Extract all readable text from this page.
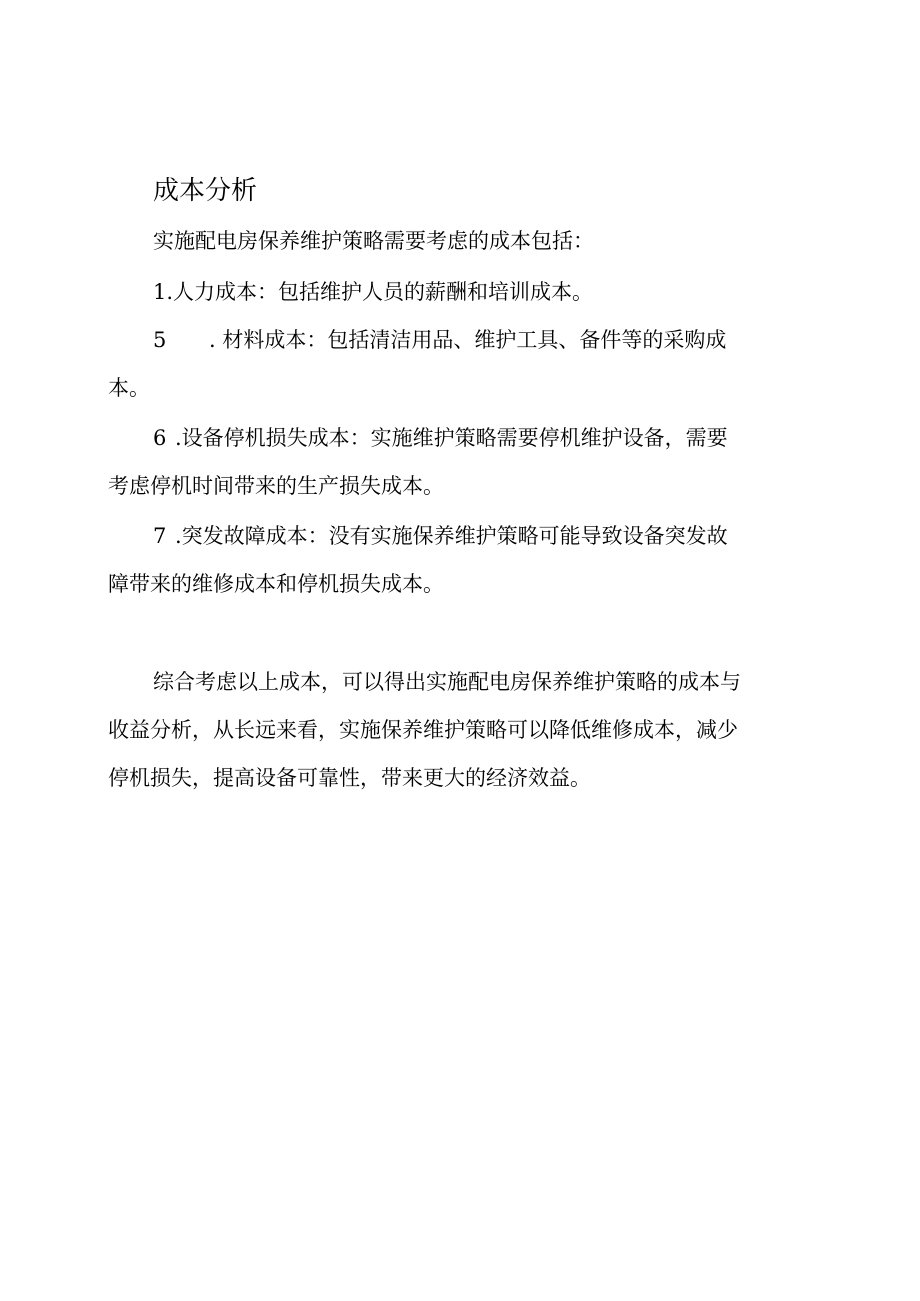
成本分析
实施配电房保养维护策略需要考虑的成本包括：
1.人力成本：包括维护人员的薪酬和培训成本。
5 . 材料成本：包括清洁用品、维护工具、备件等的采购成
本。
6 .设备停机损失成本：实施维护策略需要停机维护设备，需要
考虑停机时间带来的生产损失成本。
7 .突发故障成本：没有实施保养维护策略可能导致设备突发故
障带来的维修成本和停机损失成本。
综合考虑以上成本，可以得出实施配电房保养维护策略的成本与
收益分析，从长远来看，实施保养维护策略可以降低维修成本，减少
停机损失，提高设备可靠性，带来更大的经济效益。
